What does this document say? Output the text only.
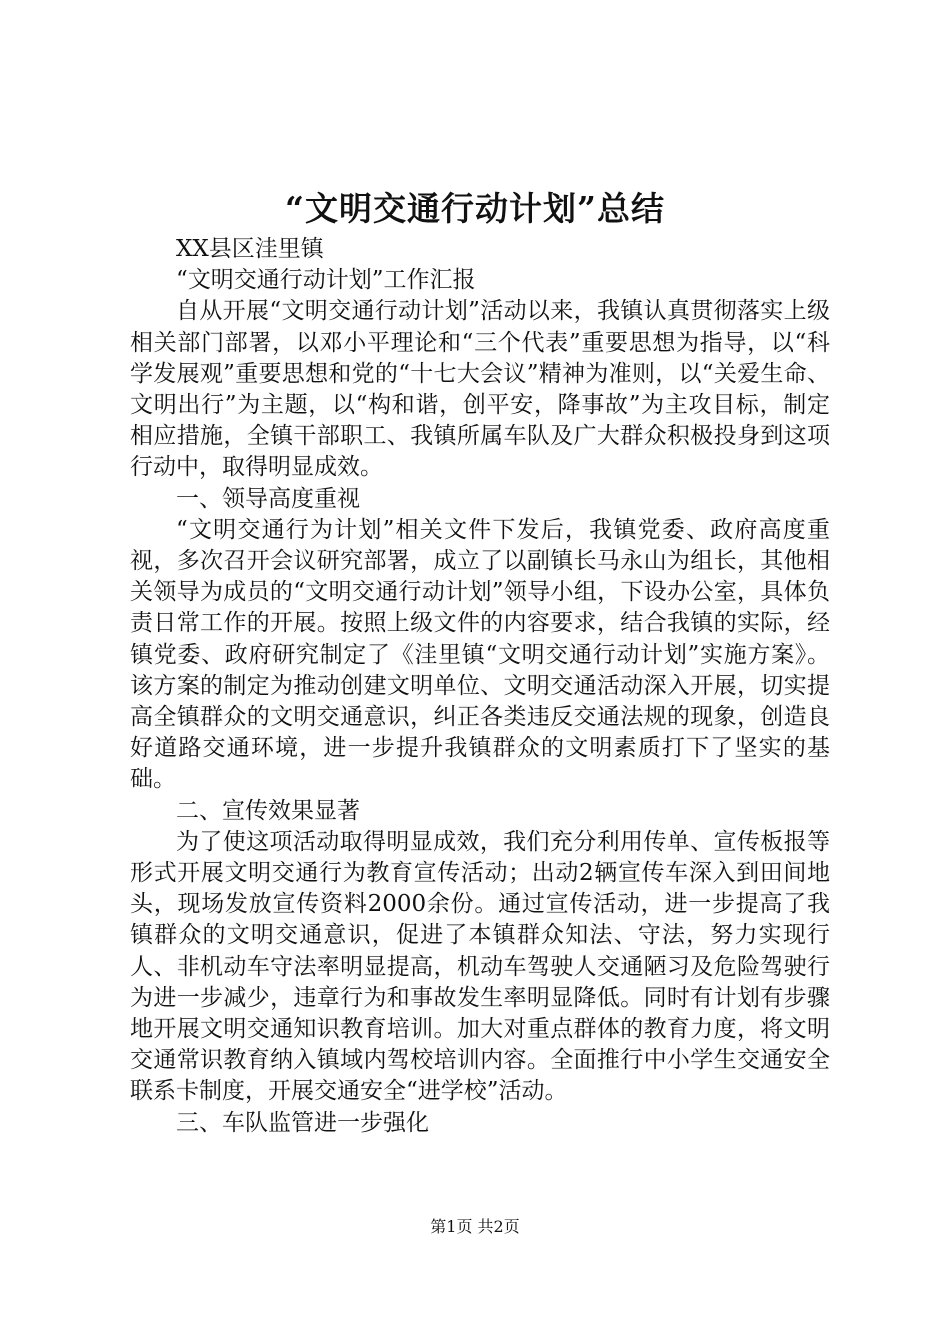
“文明交通行动计划”总结

XX县区洼里镇

“文明交通行动计划”工作汇报

自从开展“文明交通行动计划”活动以来，我镇认真贯彻落实上级相关部门部署，以邓小平理论和“三个代表”重要思想为指导，以“科学发展观”重要思想和党的“十七大会议”精神为准则，以“关爱生命、文明出行”为主题，以“构和谐，创平安，降事故”为主攻目标，制定相应措施，全镇干部职工、我镇所属车队及广大群众积极投身到这项行动中，取得明显成效。

一、领导高度重视

“文明交通行为计划”相关文件下发后，我镇党委、政府高度重视，多次召开会议研究部署，成立了以副镇长马永山为组长，其他相关领导为成员的“文明交通行动计划”领导小组，下设办公室，具体负责日常工作的开展。按照上级文件的内容要求，结合我镇的实际，经镇党委、政府研究制定了《洼里镇“文明交通行动计划”实施方案》。该方案的制定为推动创建文明单位、文明交通活动深入开展，切实提高全镇群众的文明交通意识，纠正各类违反交通法规的现象，创造良好道路交通环境，进一步提升我镇群众的文明素质打下了坚实的基础。

二、宣传效果显著

为了使这项活动取得明显成效，我们充分利用传单、宣传板报等形式开展文明交通行为教育宣传活动；出动2辆宣传车深入到田间地头，现场发放宣传资料2000余份。通过宣传活动，进一步提高了我镇群众的文明交通意识，促进了本镇群众知法、守法，努力实现行人、非机动车守法率明显提高，机动车驾驶人交通陋习及危险驾驶行为进一步减少，违章行为和事故发生率明显降低。同时有计划有步骤地开展文明交通知识教育培训。加大对重点群体的教育力度，将文明交通常识教育纳入镇域内驾校培训内容。全面推行中小学生交通安全联系卡制度，开展交通安全“进学校”活动。

三、车队监管进一步强化

第1页 共2页
